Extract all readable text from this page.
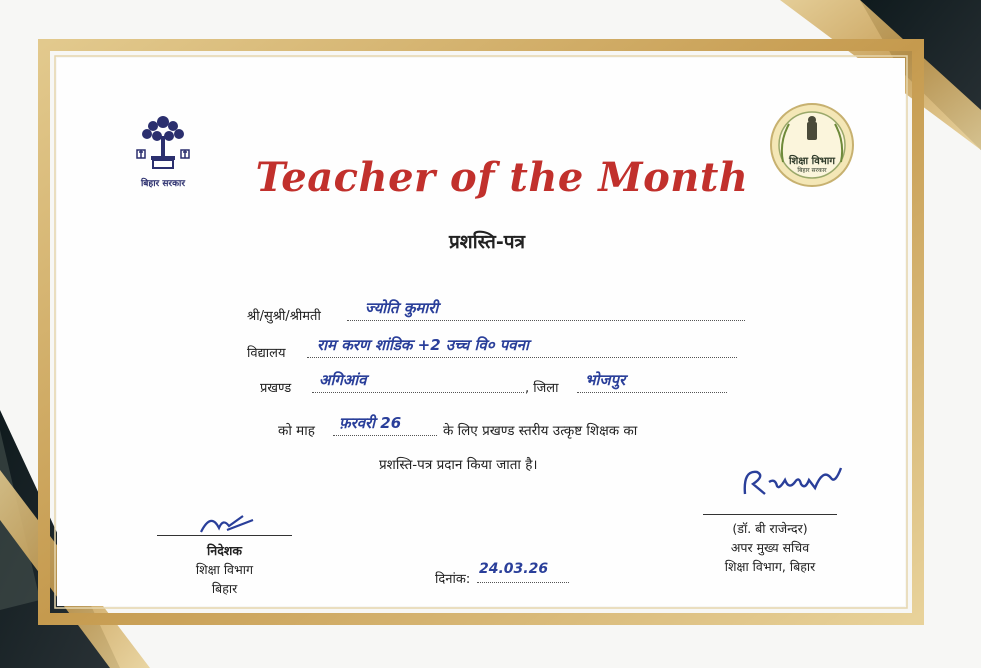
बिहार सरकार
शिक्षा विभाग
बिहार सरकार
Teacher of the Month
प्रशस्ति-पत्र
श्री/सुश्री/श्रीमती	ज्योति कुमारी
विद्यालय राम करण शांडिक +2 उच्च वि० पवना
प्रखण्ड अगिआंव	, जिला भोजपुर
को माह फ़रवरी 26	के लिए प्रखण्ड स्तरीय उत्कृष्ट शिक्षक का
प्रशस्ति-पत्र प्रदान किया जाता है।
निदेशक
शिक्षा विभाग
बिहार
दिनांक:
24.03.26
(डॉ. बी राजेन्दर)
अपर मुख्य सचिव
शिक्षा विभाग, बिहार
